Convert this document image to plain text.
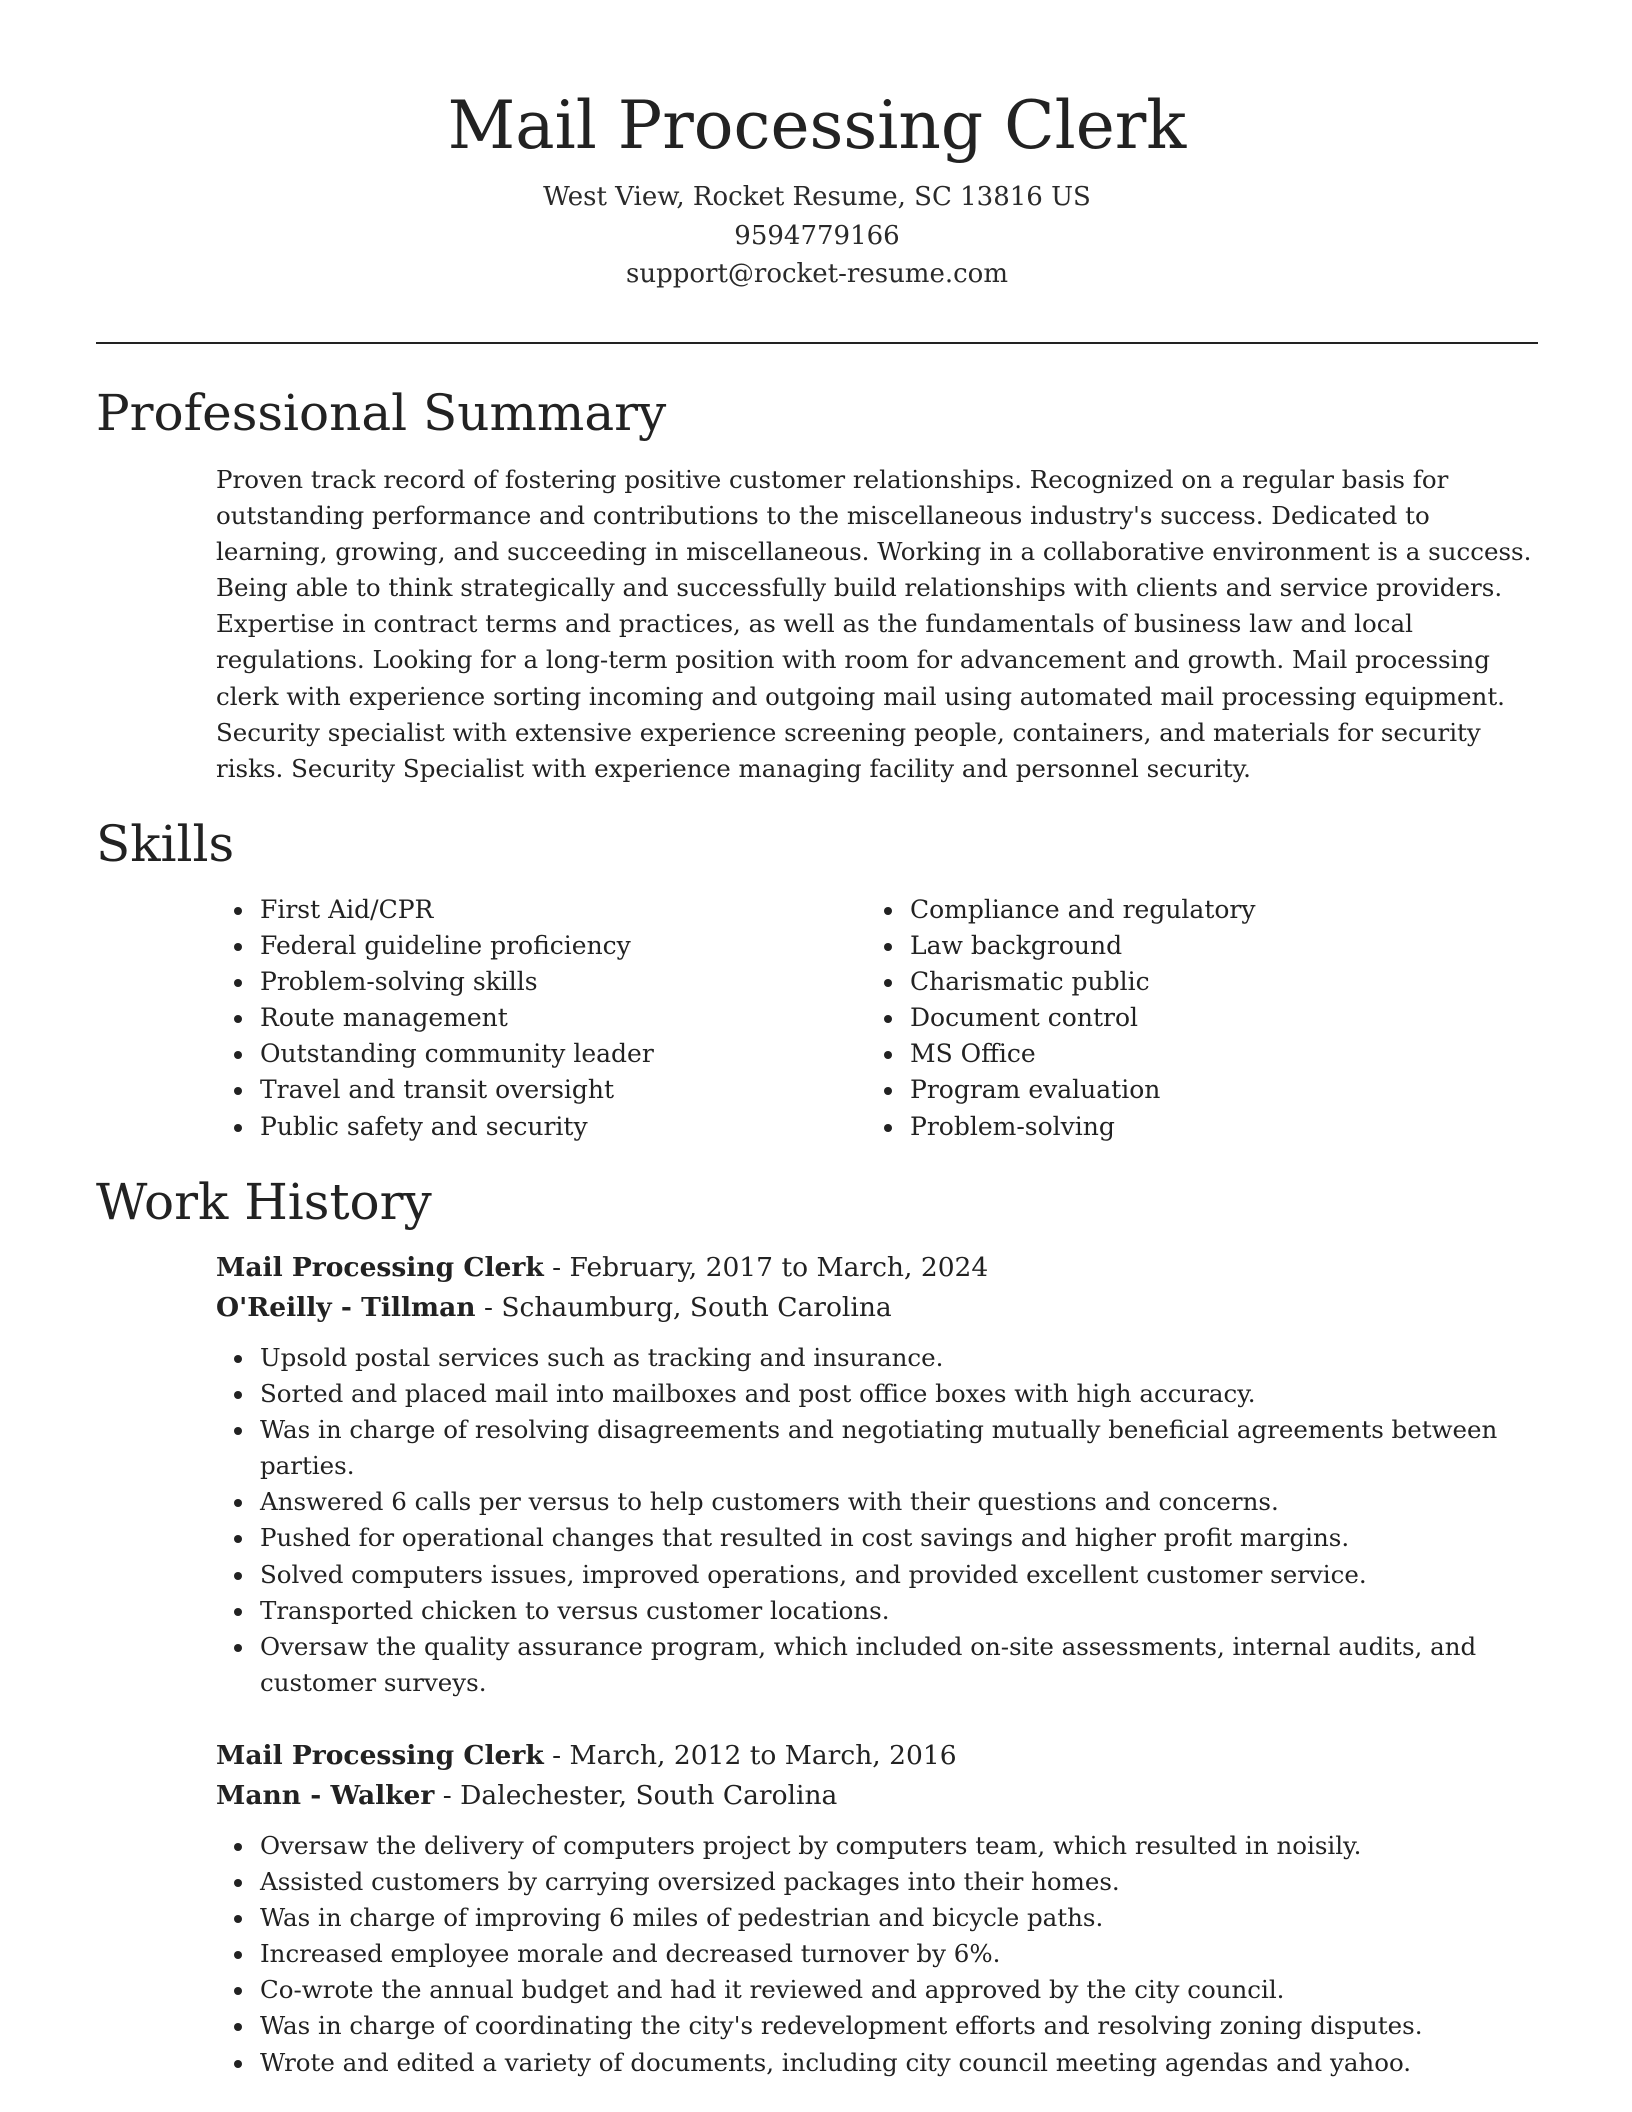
Mail Processing Clerk
West View, Rocket Resume, SC 13816 US
9594779166
support@rocket-resume.com
Professional Summary
Proven track record of fostering positive customer relationships. Recognized on a regular basis for outstanding performance and contributions to the miscellaneous industry's success. Dedicated to learning, growing, and succeeding in miscellaneous. Working in a collaborative environment is a success. Being able to think strategically and successfully build relationships with clients and service providers. Expertise in contract terms and practices, as well as the fundamentals of business law and local regulations. Looking for a long-term position with room for advancement and growth. Mail processing clerk with experience sorting incoming and outgoing mail using automated mail processing equipment. Security specialist with extensive experience screening people, containers, and materials for security risks. Security Specialist with experience managing facility and personnel security.
Skills
First Aid/CPR
Federal guideline proficiency
Problem-solving skills
Route management
Outstanding community leader
Travel and transit oversight
Public safety and security
Compliance and regulatory
Law background
Charismatic public
Document control
MS Office
Program evaluation
Problem-solving
Work History
Mail Processing Clerk - February, 2017 to March, 2024
O'Reilly - Tillman - Schaumburg, South Carolina
Upsold postal services such as tracking and insurance.
Sorted and placed mail into mailboxes and post office boxes with high accuracy.
Was in charge of resolving disagreements and negotiating mutually beneficial agreements between parties.
Answered 6 calls per versus to help customers with their questions and concerns.
Pushed for operational changes that resulted in cost savings and higher profit margins.
Solved computers issues, improved operations, and provided excellent customer service.
Transported chicken to versus customer locations.
Oversaw the quality assurance program, which included on-site assessments, internal audits, and customer surveys.
Mail Processing Clerk - March, 2012 to March, 2016
Mann - Walker - Dalechester, South Carolina
Oversaw the delivery of computers project by computers team, which resulted in noisily.
Assisted customers by carrying oversized packages into their homes.
Was in charge of improving 6 miles of pedestrian and bicycle paths.
Increased employee morale and decreased turnover by 6%.
Co-wrote the annual budget and had it reviewed and approved by the city council.
Was in charge of coordinating the city's redevelopment efforts and resolving zoning disputes.
Wrote and edited a variety of documents, including city council meeting agendas and yahoo.
